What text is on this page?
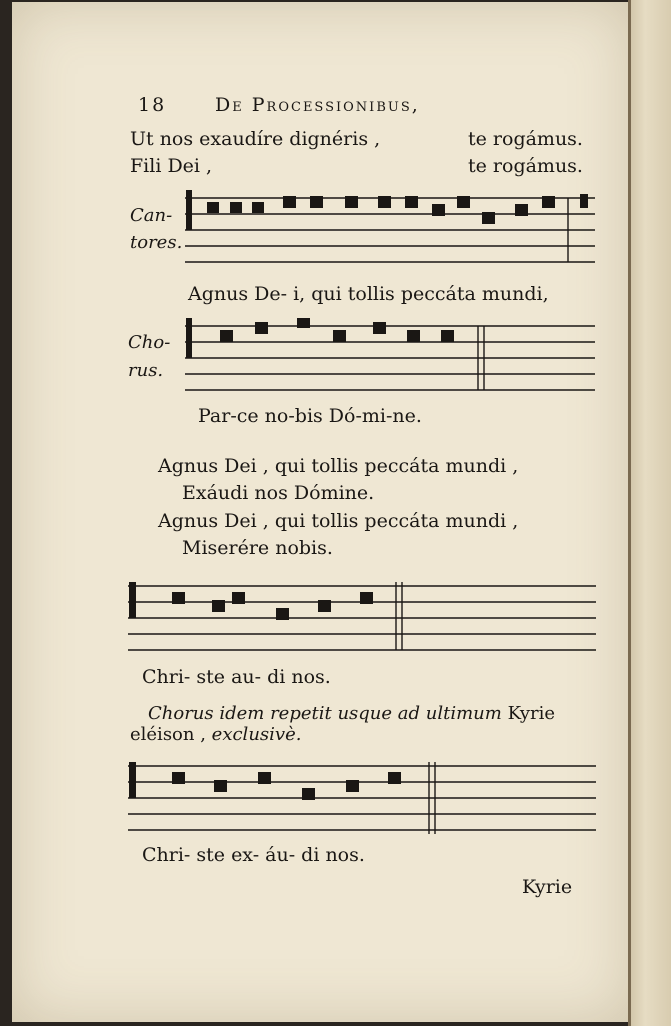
18	De Processionibus,
Ut nos exaudíre dignéris ,	te rogámus.
Fili Dei ,	te rogámus.
Can-
tores.
Agnus De- i, qui tollis peccáta mundi,
Cho-
rus.
Par-ce no-bis Dó-mi-ne.
Agnus Dei , qui tollis peccáta mundi ,
Exáudi nos Dómine.
Agnus Dei , qui tollis peccáta mundi ,
Miserére nobis.
Chri- ste au- di nos.
Chorus idem repetit usque ad ultimum Kyrie
eléison , exclusivè.
Chri- ste ex- áu- di nos.
Kyrie
